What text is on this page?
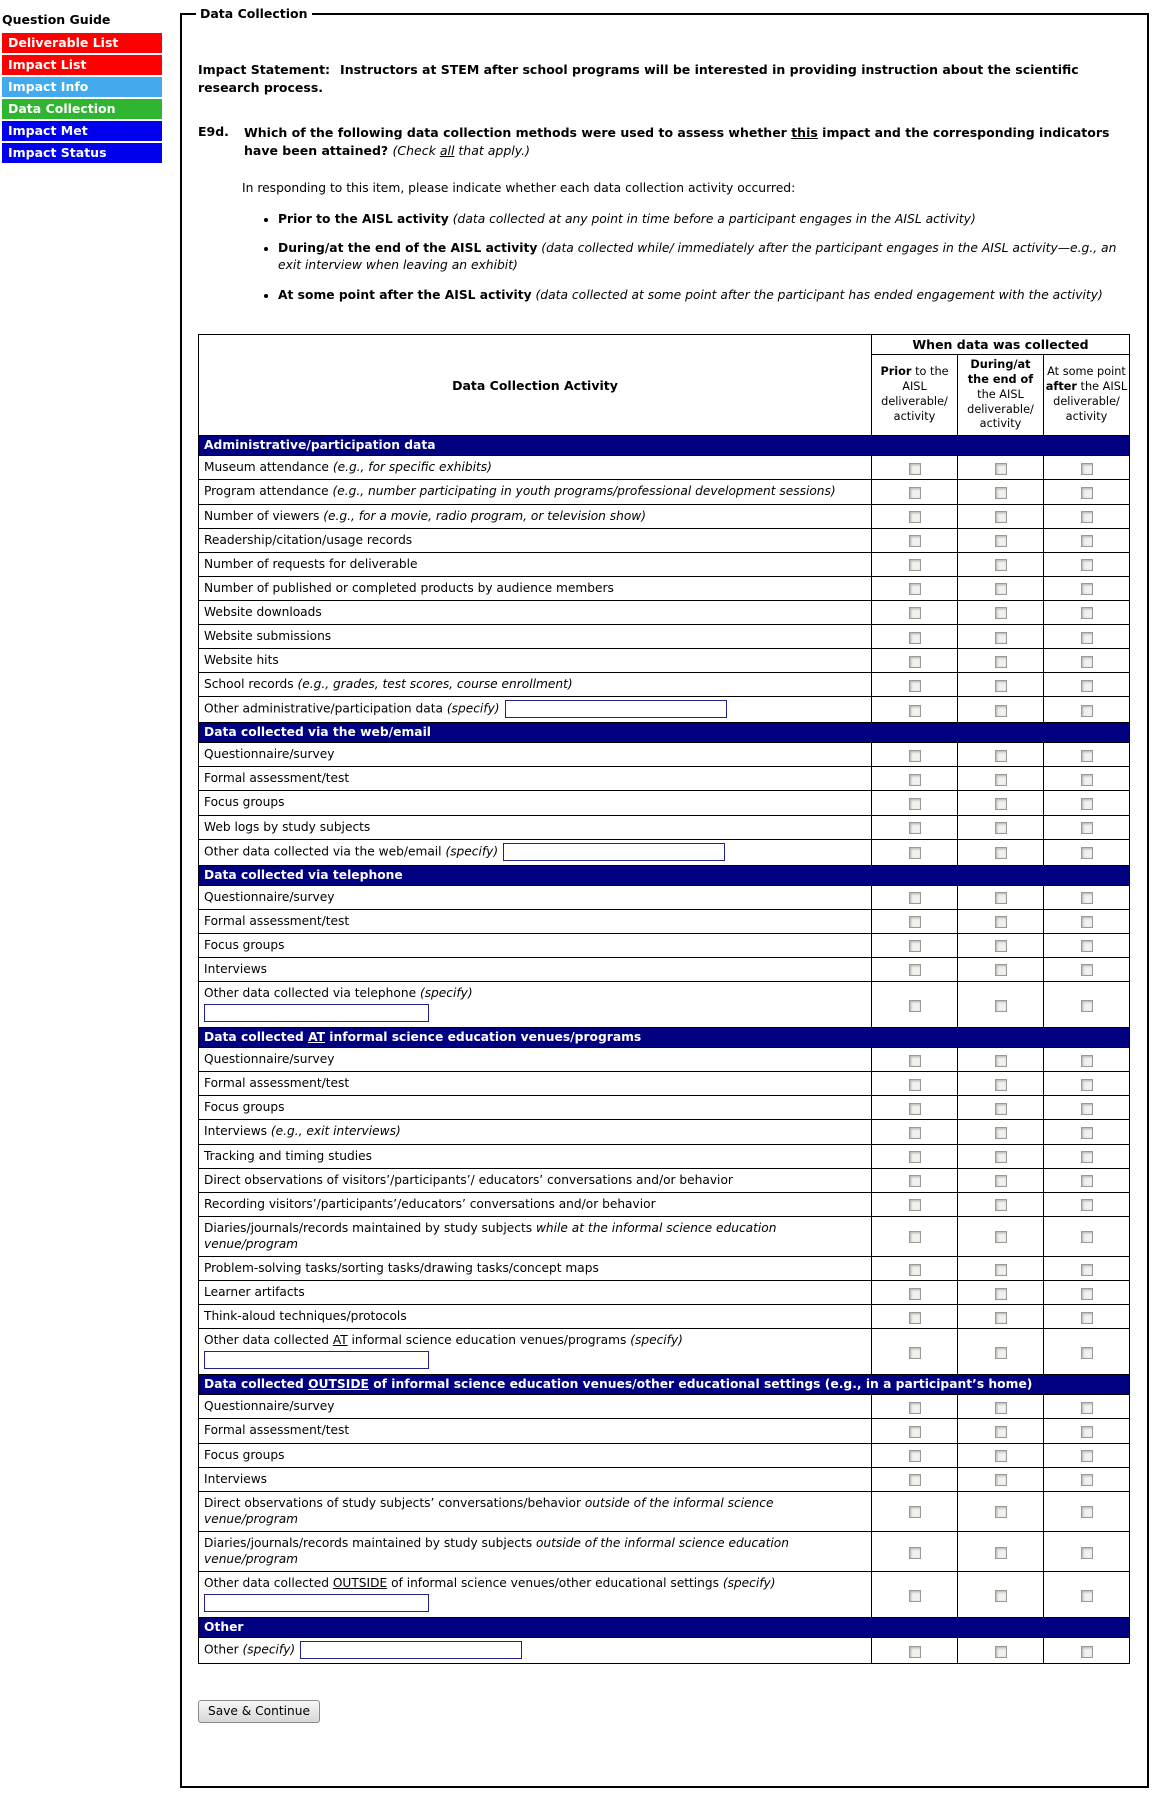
Question Guide
Deliverable List
Impact List
Impact Info
Data Collection
Impact Met
Impact Status
Data Collection

Impact Statement: Instructors at STEM after school programs will be interested in providing instruction about the scientific research process.

E9d.	Which of the following data collection methods were used to assess whether this impact and the corresponding indicators have been attained? (Check all that apply.)

In responding to this item, please indicate whether each data collection activity occurred:

• Prior to the AISL activity (data collected at any point in time before a participant engages in the AISL activity)
• During/at the end of the AISL activity (data collected while/ immediately after the participant engages in the AISL activity—e.g., an exit interview when leaving an exhibit)
• At some point after the AISL activity (data collected at some point after the participant has ended engagement with the activity)
Data Collection Activity	When data was collected		
	Prior to the AISL deliverable/ activity	During/at the end of the AISL deliverable/ activity	At some point after the AISL deliverable/ activity
Administrative/participation data			
Museum attendance (e.g., for specific exhibits)			
Program attendance (e.g., number participating in youth programs/professional development sessions)			
Number of viewers (e.g., for a movie, radio program, or television show)			
Readership/citation/usage records			
Number of requests for deliverable			
Number of published or completed products by audience members			
Website downloads			
Website submissions			
Website hits			
School records (e.g., grades, test scores, course enrollment)			
Other administrative/participation data (specify)			
Data collected via the web/email			
Questionnaire/survey			
Formal assessment/test			
Focus groups			
Web logs by study subjects			
Other data collected via the web/email (specify)			
Data collected via telephone			
Questionnaire/survey			
Formal assessment/test			
Focus groups			
Interviews			
Other data collected via telephone (specify)

Data collected AT informal science education venues/programs			
Questionnaire/survey			
Formal assessment/test			
Focus groups			
Interviews (e.g., exit interviews)			
Tracking and timing studies			
Direct observations of visitors’/participants’/ educators’ conversations and/or behavior			
Recording visitors’/participants’/educators’ conversations and/or behavior			
Diaries/journals/records maintained by study subjects while at the informal science education venue/program			
Problem-solving tasks/sorting tasks/drawing tasks/concept maps			
Learner artifacts			
Think-aloud techniques/protocols			
Other data collected AT informal science education venues/programs (specify)

Data collected OUTSIDE of informal science education venues/other educational settings (e.g., in a participant’s home)			
Questionnaire/survey			
Formal assessment/test			
Focus groups			
Interviews			
Direct observations of study subjects’ conversations/behavior outside of the informal science venue/program			
Diaries/journals/records maintained by study subjects outside of the informal science education venue/program			
Other data collected OUTSIDE of informal science venues/other educational settings (specify)

Other			
Other (specify)			
Save & Continue
